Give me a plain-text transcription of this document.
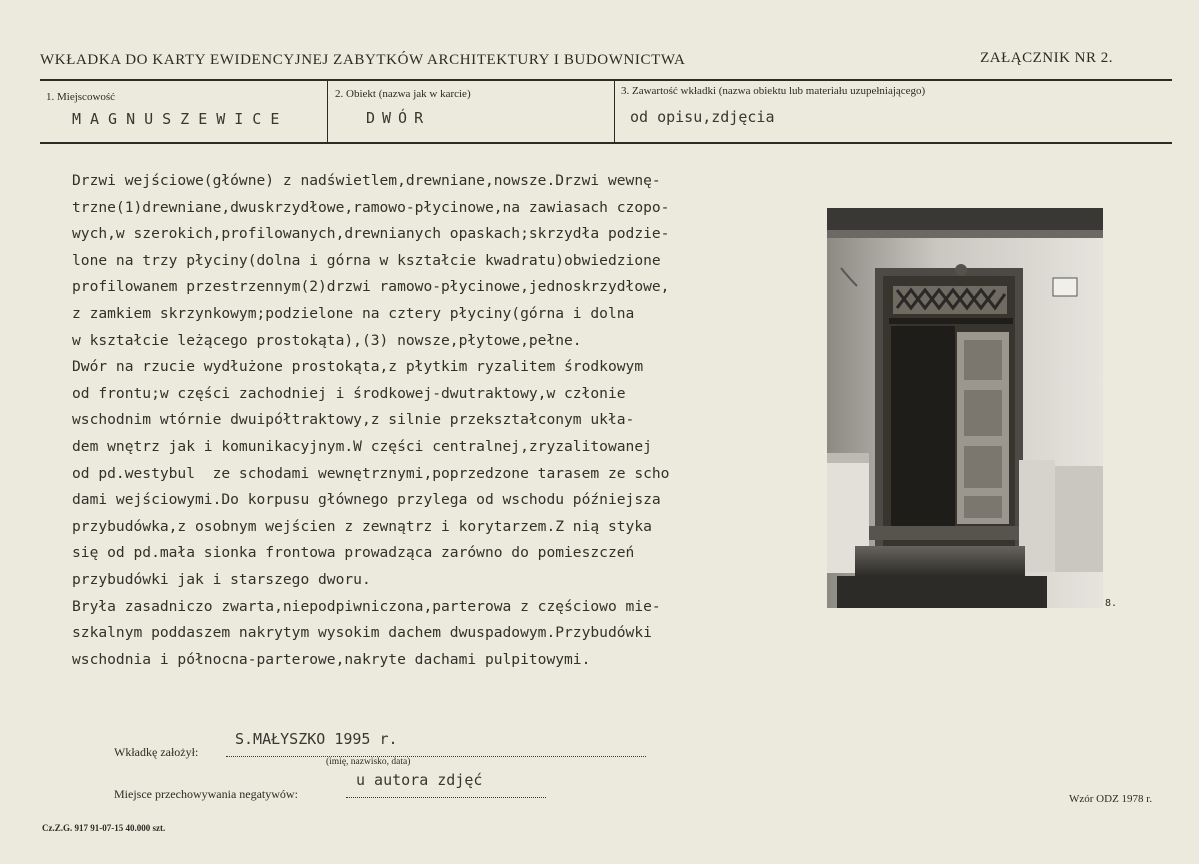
WKŁADKA DO KARTY EWIDENCYJNEJ ZABYTKÓW ARCHITEKTURY I BUDOWNICTWA	ZAŁĄCZNIK NR 2.
1. Miejscowość
MAGNUSZEWICE
2. Obiekt (nazwa jak w karcie)
DWÓR
3. Zawartość wkładki (nazwa obiektu lub materiału uzupełniającego)
od opisu,zdjęcia
Drzwi wejściowe(główne) z nadświetlem,drewniane,nowsze.Drzwi wewnę-
trzne(1)drewniane,dwuskrzydłowe,ramowo-płycinowe,na zawiasach czopo-
wych,w szerokich,profilowanych,drewnianych opaskach;skrzydła podzie-
lone na trzy płyciny(dolna i górna w kształcie kwadratu)obwiedzione
profilowanem przestrzennym(2)drzwi ramowo-płycinowe,jednoskrzydłowe,
z zamkiem skrzynkowym;podzielone na cztery płyciny(górna i dolna
w kształcie leżącego prostokąta),(3) nowsze,płytowe,pełne.
Dwór na rzucie wydłużone prostokąta,z płytkim ryzalitem środkowym
od frontu;w części zachodniej i środkowej-dwutraktowy,w członie
wschodnim wtórnie dwuipółtraktowy,z silnie przekształconym ukła-
dem wnętrz jak i komunikacyjnym.W części centralnej,zryzalitowanej
od pd.westybul  ze schodami wewnętrznymi,poprzedzone tarasem ze scho
dami wejściowymi.Do korpusu głównego przylega od wschodu późniejsza
przybudówka,z osobnym wejścien z zewnątrz i korytarzem.Z nią styka
się od pd.mała sionka frontowa prowadząca zarówno do pomieszczeń
przybudówki jak i starszego dworu.
Bryła zasadniczo zwarta,niepodpiwniczona,parterowa z częściowo mie-
szkalnym poddaszem nakrytym wysokim dachem dwuspadowym.Przybudówki
wschodnia i północna-parterowe,nakryte dachami pulpitowymi.
8.
Wkładkę założył:
S.MAŁYSZKO 1995 r.
(imię, nazwisko, data)
Miejsce przechowywania negatywów:
u autora zdjęć
Wzór ODZ 1978 r.
Cz.Z.G. 917 91-07-15 40.000 szt.
